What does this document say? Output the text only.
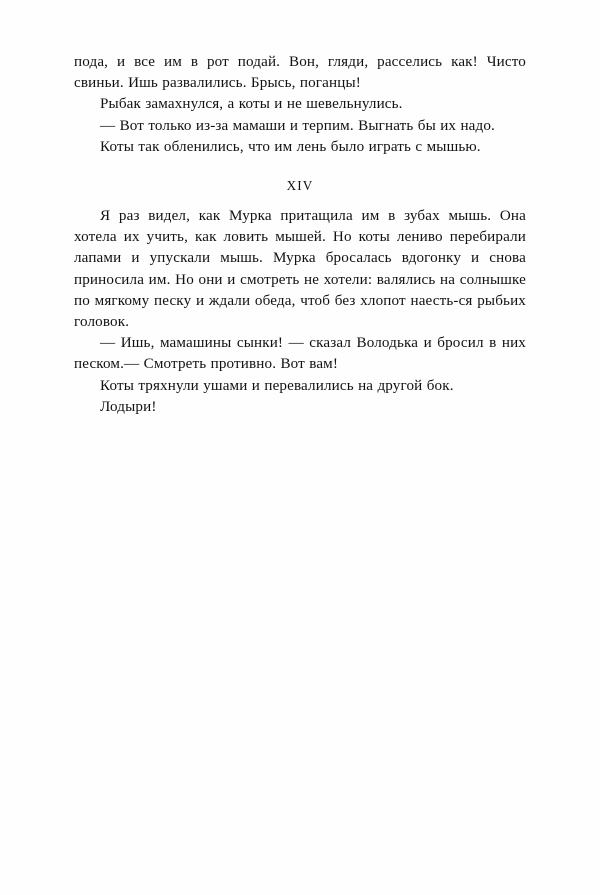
пода, и все им в рот подай. Вон, гляди, расселись как! Чисто свиньи. Ишь развалились. Брысь, поганцы!

Рыбак замахнулся, а коты и не шевельнулись.

— Вот только из-за мамаши и терпим. Выгнать бы их надо.

Коты так обленились, что им лень было играть с мышью.

XIV

Я раз видел, как Мурка притащила им в зубах мышь. Она хотела их учить, как ловить мышей. Но коты лениво перебирали лапами и упускали мышь. Мурка бросалась вдогонку и снова приносила им. Но они и смотреть не хотели: валялись на солнышке по мягкому песку и ждали обеда, чтоб без хлопот наесть-ся рыбьих головок.

— Ишь, мамашины сынки! — сказал Володька и бросил в них песком.— Смотреть противно. Вот вам!

Коты тряхнули ушами и перевалились на другой бок.

Лодыри!
